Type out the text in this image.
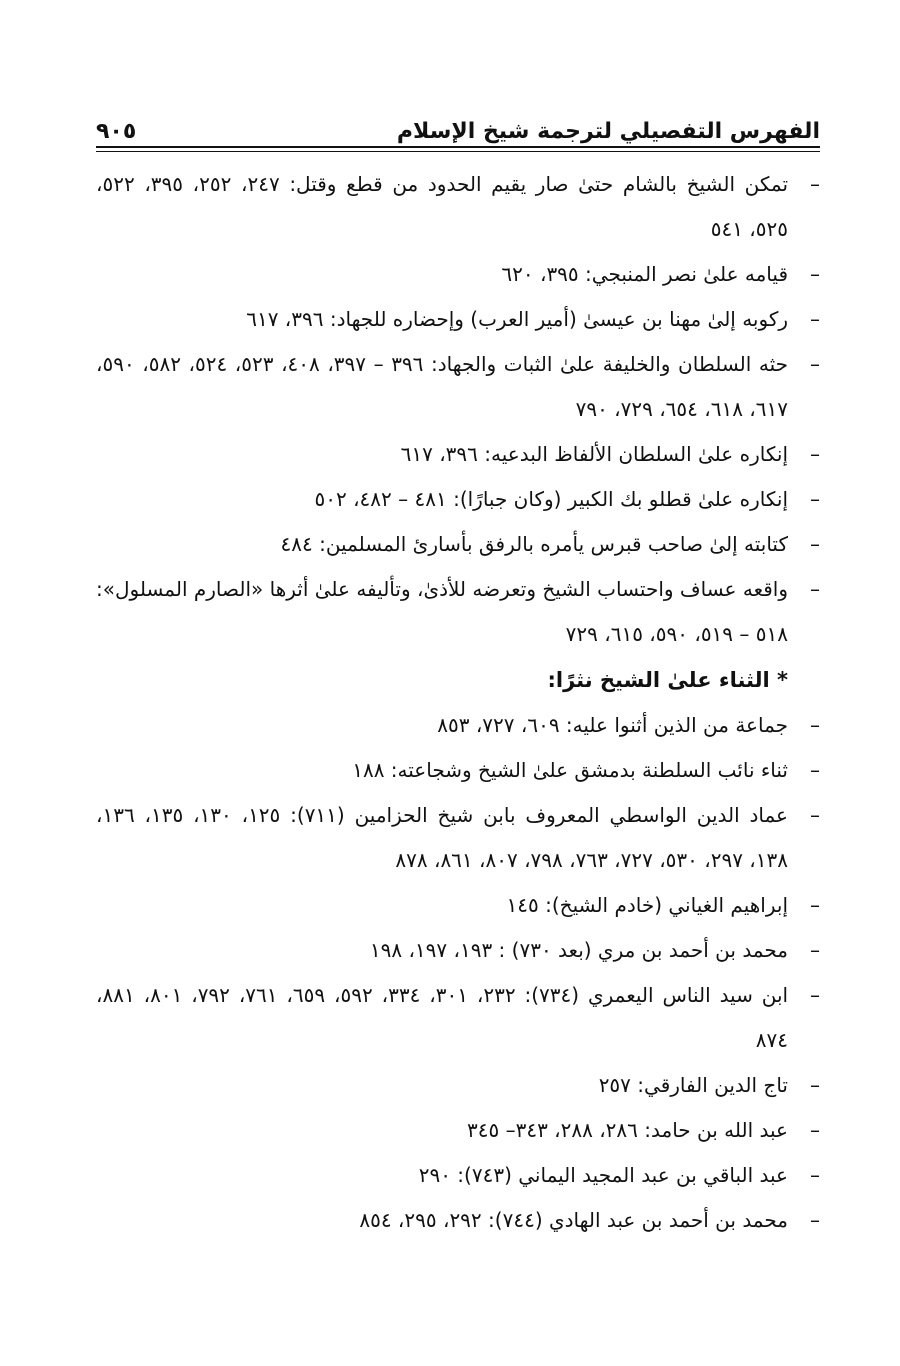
الفهرس التفصيلي لترجمة شيخ الإسلام
٩٠٥

–
تمكن الشيخ بالشام حتىٰ صار يقيم الحدود من قطع وقتل: ٢٤٧، ٢٥٢، ٣٩٥، ٥٢٢، ٥٢٥، ٥٤١

–
قيامه علىٰ نصر المنبجي: ٣٩٥، ٦٢٠

–
ركوبه إلىٰ مهنا بن عيسىٰ (أمير العرب) وإحضاره للجهاد: ٣٩٦، ٦١٧

–
حثه السلطان والخليفة علىٰ الثبات والجهاد: ٣٩٦ – ٣٩٧، ٤٠٨، ٥٢٣، ٥٢٤، ٥٨٢، ٥٩٠، ٦١٧، ٦١٨، ٦٥٤، ٧٢٩، ٧٩٠

–
إنكاره علىٰ السلطان الألفاظ البدعيه: ٣٩٦، ٦١٧

–
إنكاره علىٰ قطلو بك الكبير (وكان جبارًا): ٤٨١ – ٤٨٢، ٥٠٢

–
كتابته إلىٰ صاحب قبرس يأمره بالرفق بأسارئ المسلمين: ٤٨٤

–
واقعه عساف واحتساب الشيخ وتعرضه للأذىٰ، وتأليفه علىٰ أثرها «الصارم المسلول»: ٥١٨ – ٥١٩، ٥٩٠، ٦١٥، ٧٢٩

* الثناء علىٰ الشيخ نثرًا:

–
جماعة من الذين أثنوا عليه: ٦٠٩، ٧٢٧، ٨٥٣

–
ثناء نائب السلطنة بدمشق علىٰ الشيخ وشجاعته: ١٨٨

–
عماد الدين الواسطي المعروف بابن شيخ الحزامين (٧١١): ١٢٥، ١٣٠، ١٣٥، ١٣٦، ١٣٨، ٢٩٧، ٥٣٠، ٧٢٧، ٧٦٣، ٧٩٨، ٨٠٧، ٨٦١، ٨٧٨

–
إبراهيم الغياني (خادم الشيخ): ١٤٥

–
محمد بن أحمد بن مري (بعد ٧٣٠) : ١٩٣، ١٩٧، ١٩٨

–
ابن سيد الناس اليعمري (٧٣٤): ٢٣٢، ٣٠١، ٣٣٤، ٥٩٢، ٦٥٩، ٧٦١، ٧٩٢، ٨٠١، ٨٨١، ٨٧٤

–
تاج الدين الفارقي: ٢٥٧

–
عبد الله بن حامد: ٢٨٦، ٢٨٨، ٣٤٣– ٣٤٥

–
عبد الباقي بن عبد المجيد اليماني (٧٤٣): ٢٩٠

–
محمد بن أحمد بن عبد الهادي (٧٤٤): ٢٩٢، ٢٩٥، ٨٥٤
